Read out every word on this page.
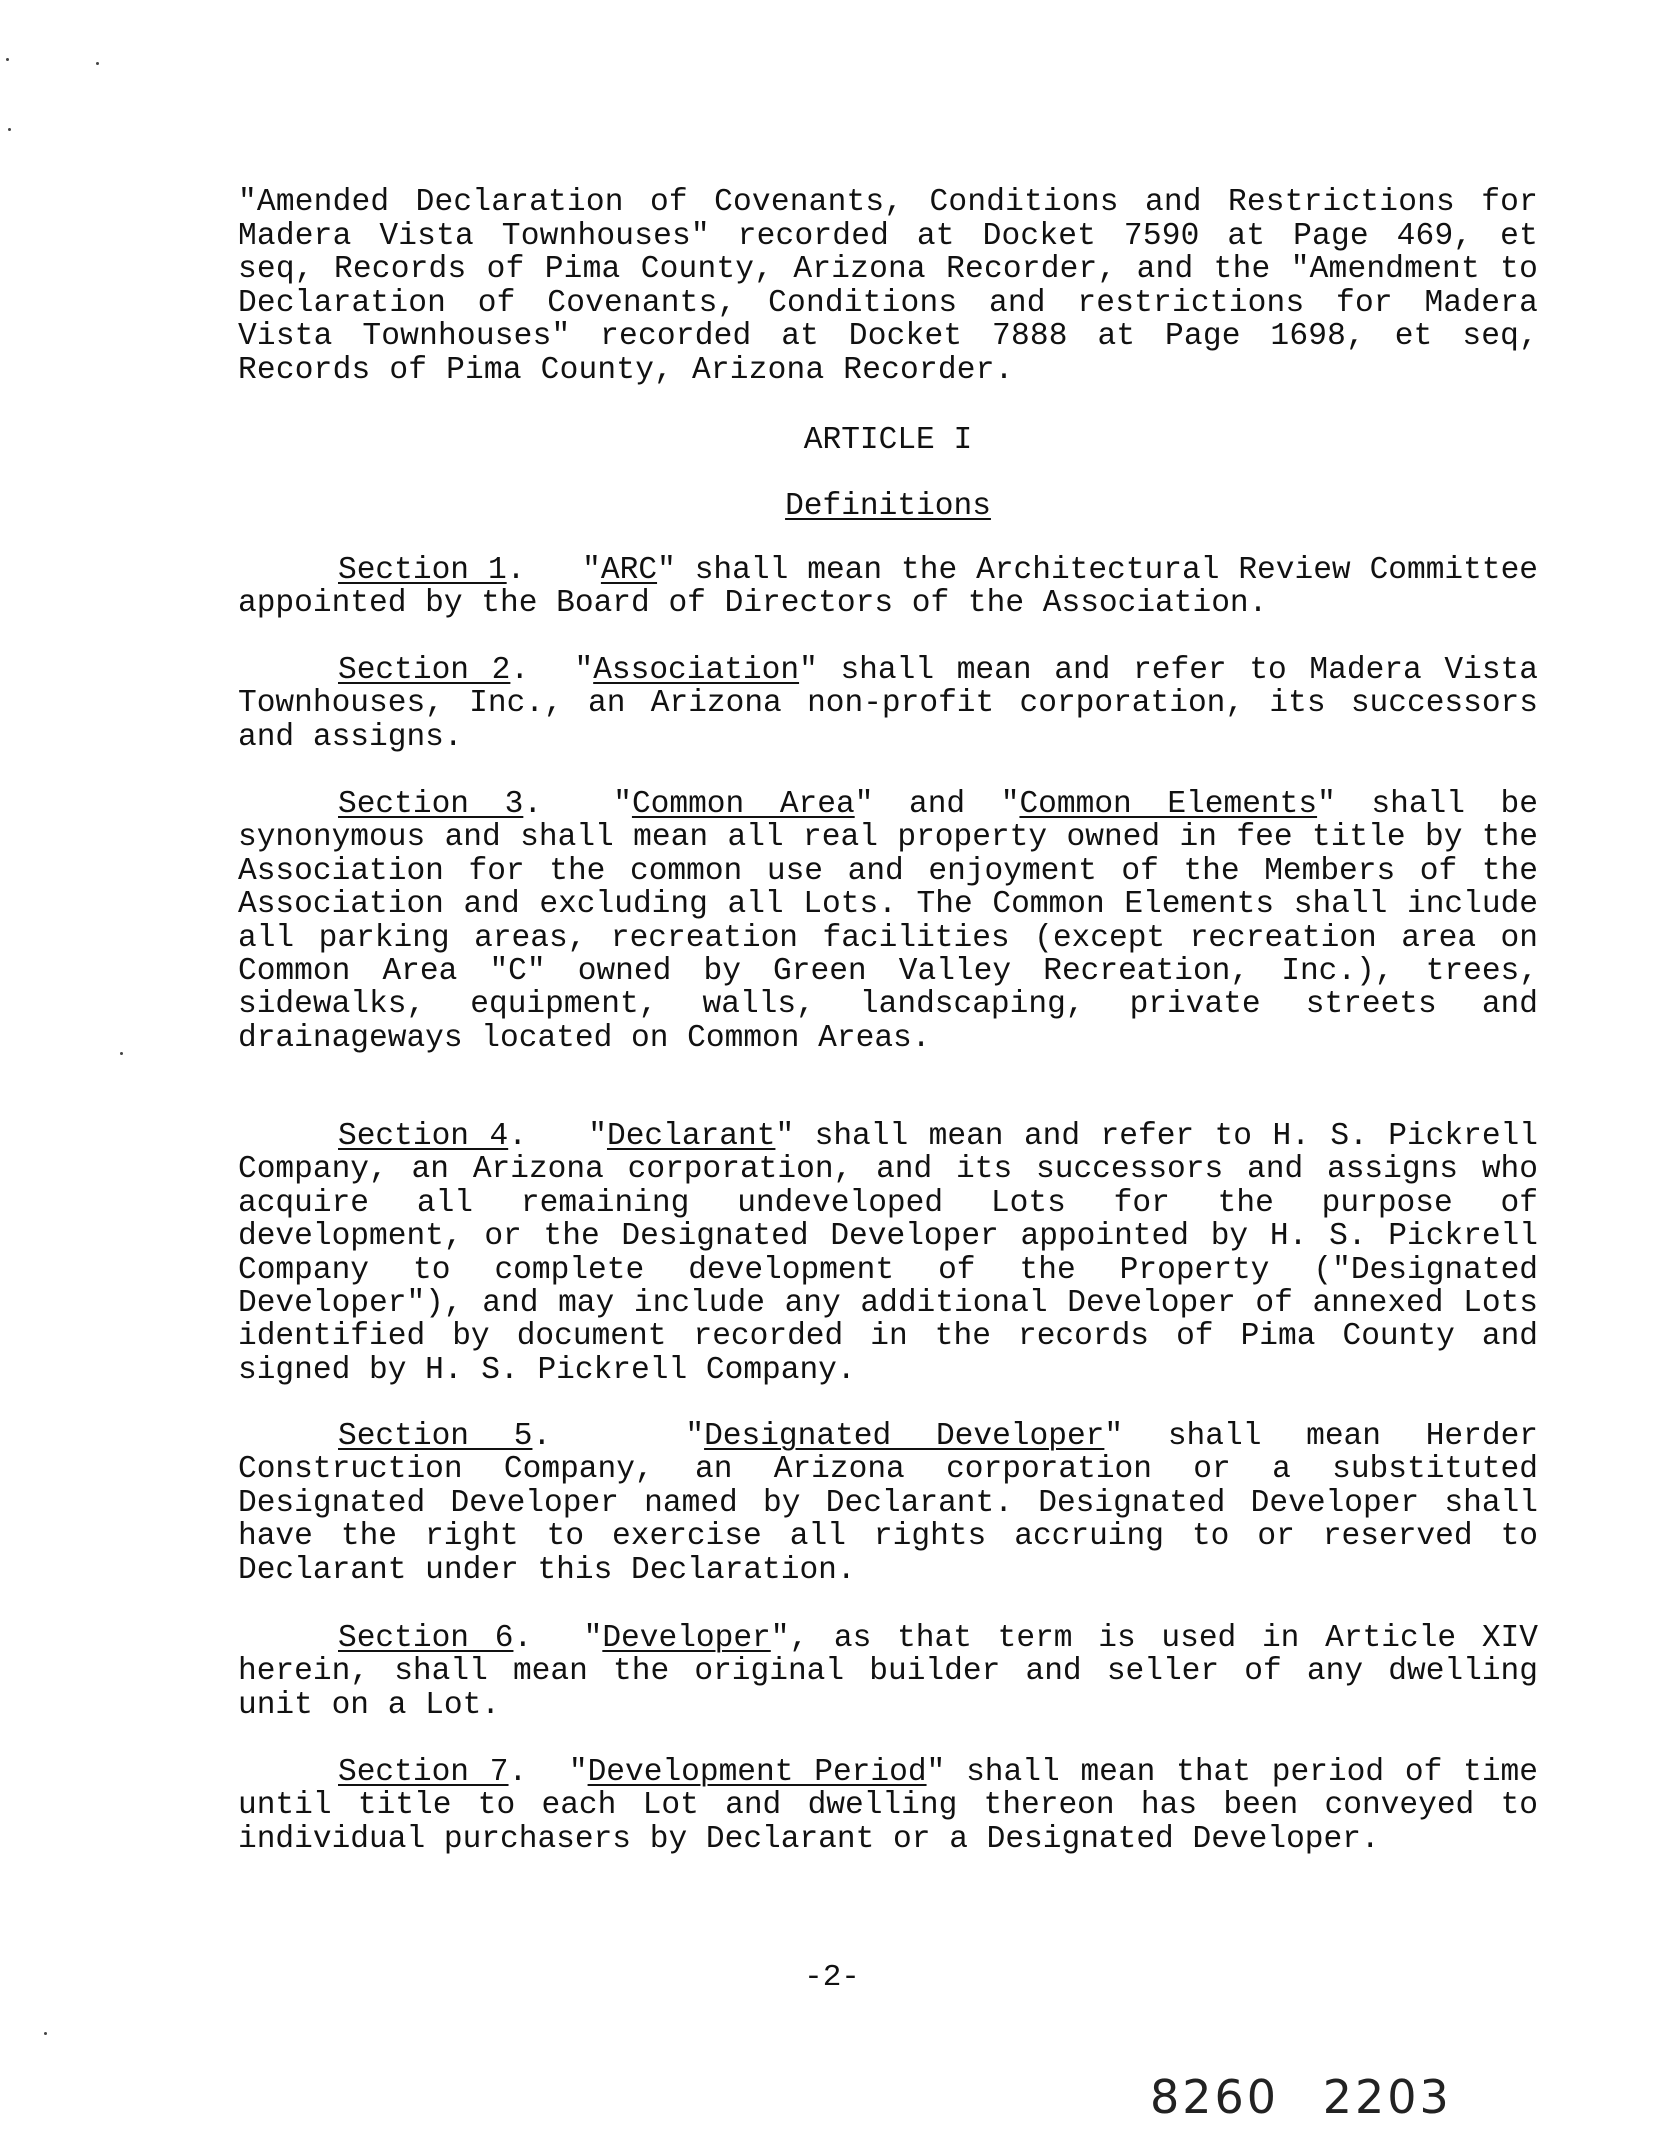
"Amended Declaration of Covenants, Conditions and Restrictions for Madera Vista Townhouses" recorded at Docket 7590 at Page 469, et seq, Records of Pima County, Arizona Recorder, and the "Amendment to Declaration of Covenants, Conditions and restrictions for Madera Vista Townhouses" recorded at Docket 7888 at Page 1698, et seq, Records of Pima County, Arizona Recorder.

ARTICLE I
Definitions

Section 1.   "ARC" shall mean the Architectural Review Committee appointed by the Board of Directors of the Association.

Section 2.  "Association" shall mean and refer to Madera Vista Townhouses, Inc., an Arizona non-profit corporation, its successors and assigns.

Section 3.  "Common Area" and "Common Elements" shall be synonymous and shall mean all real property owned in fee title by the Association for the common use and enjoyment of the Members of the Association and excluding all Lots. The Common Elements shall include all parking areas, recreation facilities (except recreation area on Common Area "C" owned by Green Valley Recreation, Inc.), trees, sidewalks, equipment, walls, landscaping, private streets and drainageways located on Common Areas.

Section 4.   "Declarant" shall mean and refer to H. S. Pickrell Company, an Arizona corporation, and its successors and assigns who acquire all remaining undeveloped Lots for the purpose of development, or the Designated Developer appointed by H. S. Pickrell Company to complete development of the Property ("Designated Developer"), and may include any additional Developer of annexed Lots identified by document recorded in the records of Pima County and signed by H. S. Pickrell Company.

Section 5.   "Designated Developer" shall mean Herder Construction Company, an Arizona corporation or a substituted Designated Developer named by Declarant. Designated Developer shall have the right to exercise all rights accruing to or reserved to Declarant under this Declaration.

Section 6.  "Developer", as that term is used in Article XIV herein, shall mean the original builder and seller of any dwelling unit on a Lot.

Section 7.  "Development Period" shall mean that period of time until title to each Lot and dwelling thereon has been conveyed to individual purchasers by Declarant or a Designated Developer.

-2-
8260 2203
